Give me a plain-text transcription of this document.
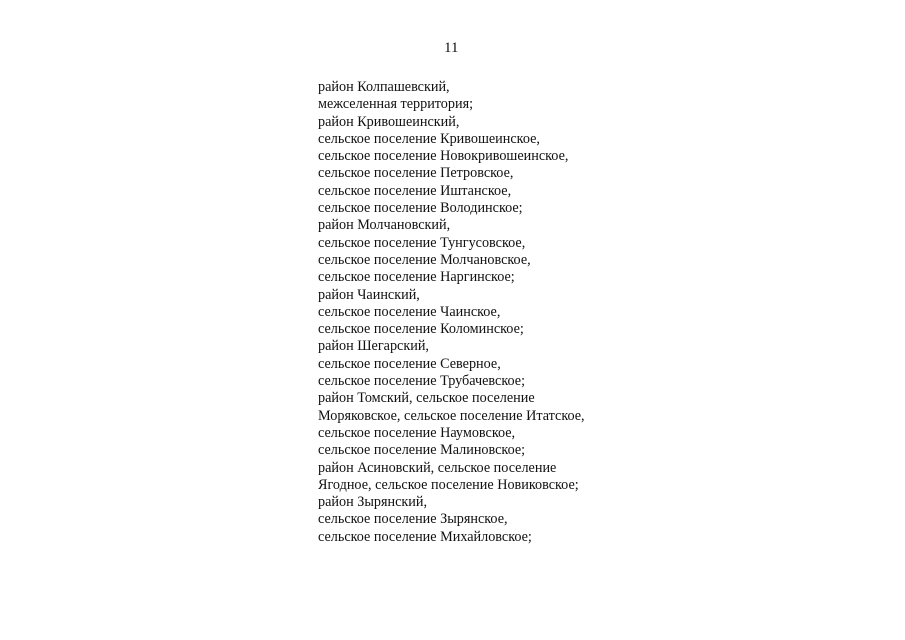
11
район Колпашевский,
межселенная территория;
район Кривошеинский,
сельское поселение Кривошеинское,
сельское поселение Новокривошеинское,
сельское поселение Петровское,
сельское поселение Иштанское,
сельское поселение Володинское;
район Молчановский,
сельское поселение Тунгусовское,
сельское поселение Молчановское,
сельское поселение Наргинское;
район Чаинский,
сельское поселение Чаинское,
сельское поселение Коломинское;
район Шегарский,
сельское поселение Северное,
сельское поселение Трубачевское;
район Томский, сельское поселение
Моряковское, сельское поселение Итатское,
сельское поселение Наумовское,
сельское поселение Малиновское;
район Асиновский, сельское поселение
Ягодное, сельское поселение Новиковское;
район Зырянский,
сельское поселение Зырянское,
сельское поселение Михайловское;
